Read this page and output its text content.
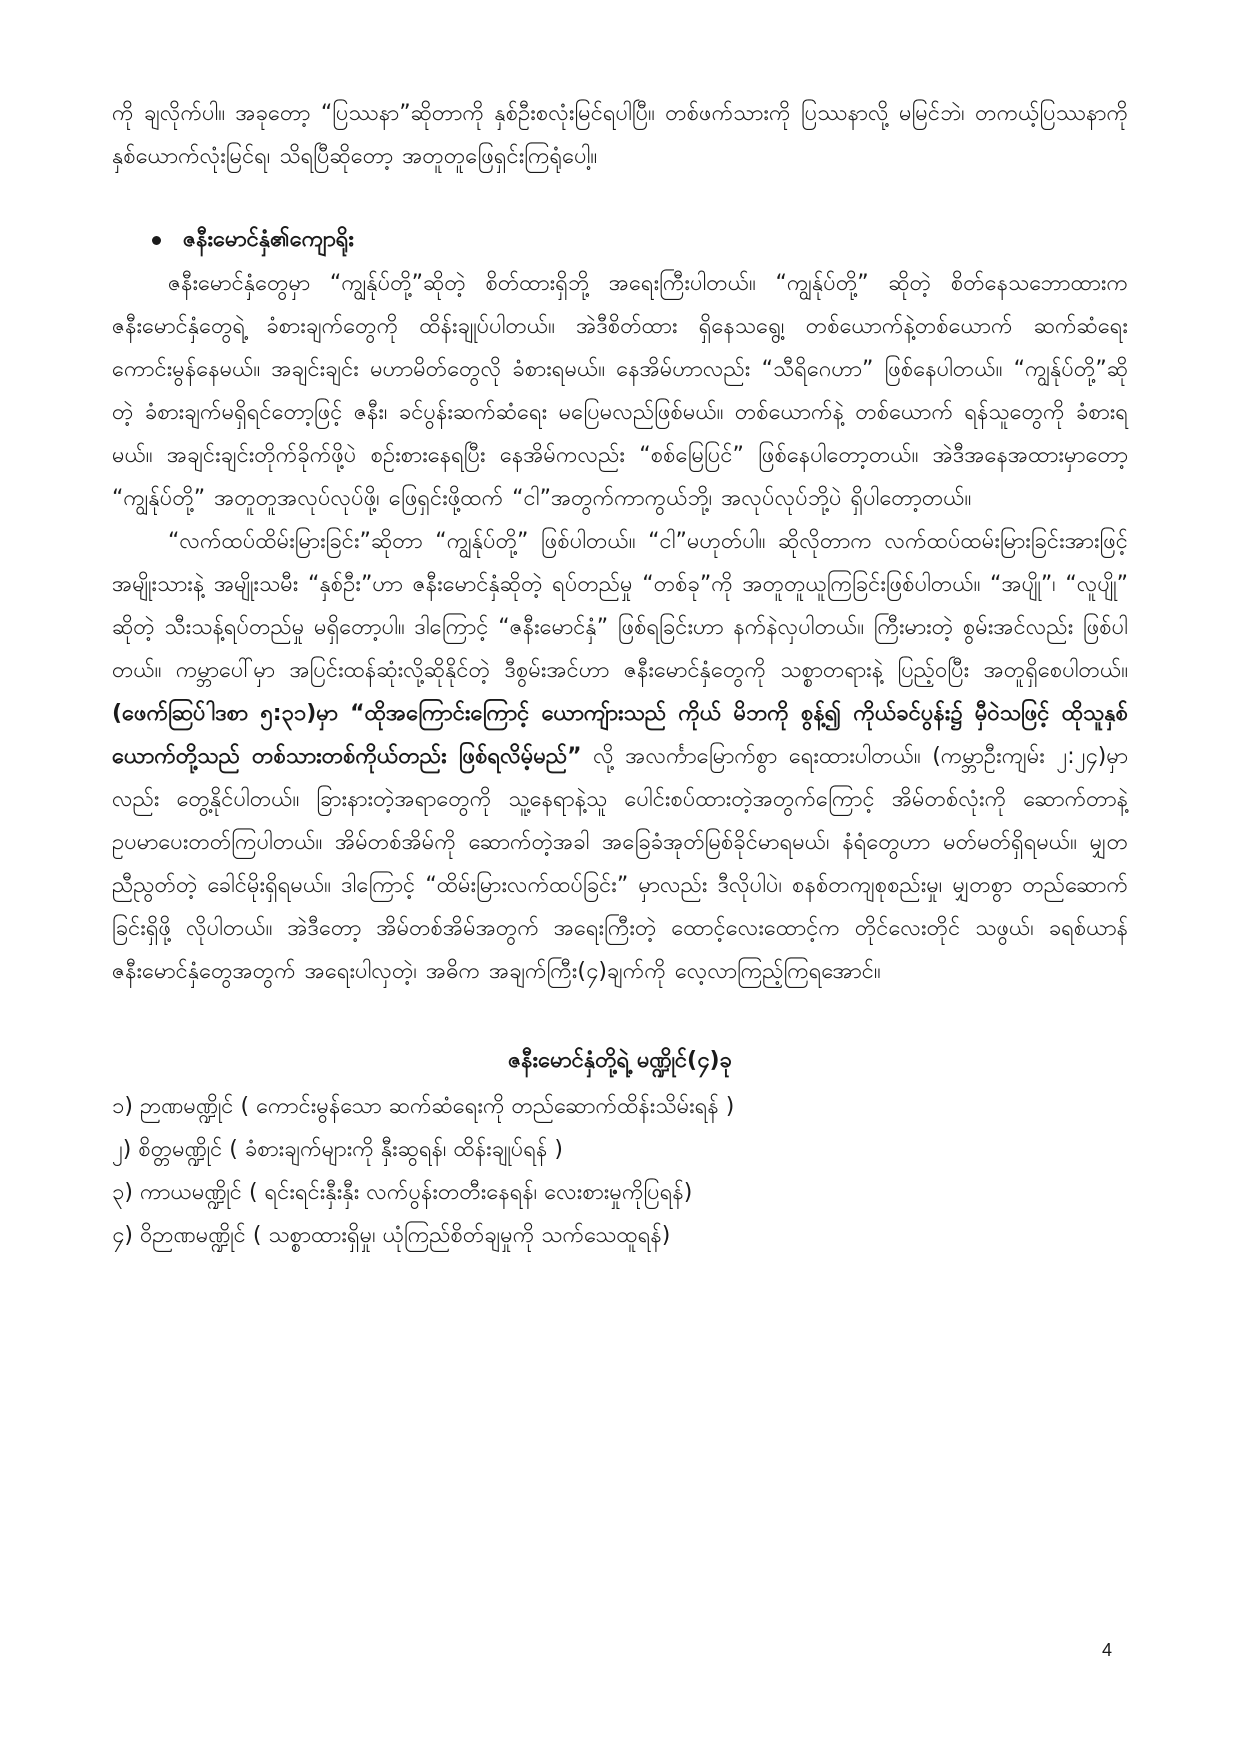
ကို ချလိုက်ပါ။ အခုတော့ “ပြဿနာ”ဆိုတာကို နှစ်ဦးစလုံးမြင်ရပါပြီ။ တစ်ဖက်သားကို ပြဿနာလို့ မမြင်ဘဲ၊ တကယ့်ပြဿနာကို နှစ်ယောက်လုံးမြင်ရ၊ သိရပြီဆိုတော့ အတူတူဖြေရှင်းကြရုံပေါ့။

ဇနီးမောင်နှံ၏ကျောရိုး

ဇနီးမောင်နှံတွေမှာ “ကျွန်ုပ်တို့”ဆိုတဲ့ စိတ်ထားရှိဘို့ အရေးကြီးပါတယ်။ “ကျွန်ုပ်တို့” ဆိုတဲ့ စိတ်နေသဘောထားက ဇနီးမောင်နှံတွေရဲ့ ခံစားချက်တွေကို ထိန်းချုပ်ပါတယ်။ အဲဒီစိတ်ထား ရှိနေသရွေ့၊ တစ်ယောက်နဲ့တစ်ယောက် ဆက်ဆံရေးကောင်းမွန်နေမယ်။ အချင်းချင်း မဟာမိတ်တွေလို ခံစားရမယ်။ နေအိမ်ဟာလည်း “သီရိဂေဟာ” ဖြစ်နေပါတယ်။ “ကျွန်ုပ်တို့”ဆိုတဲ့ ခံစားချက်မရှိရင်တော့ဖြင့် ဇနီး၊ ခင်ပွန်းဆက်ဆံရေး မပြေမလည်ဖြစ်မယ်။ တစ်ယောက်နဲ့ တစ်ယောက် ရန်သူတွေကို ခံစားရမယ်။ အချင်းချင်းတိုက်ခိုက်ဖို့ပဲ စဉ်းစားနေရပြီး နေအိမ်ကလည်း “စစ်မြေပြင်” ဖြစ်နေပါတော့တယ်။ အဲဒီအနေအထားမှာတော့ “ကျွန်ုပ်တို့” အတူတူအလုပ်လုပ်ဖို့၊ ဖြေရှင်းဖို့ထက် “ငါ”အတွက်ကာကွယ်ဘို့၊ အလုပ်လုပ်ဘို့ပဲ ရှိပါတော့တယ်။

“လက်ထပ်ထိမ်းမြားခြင်း”ဆိုတာ “ကျွန်ုပ်တို့” ဖြစ်ပါတယ်။ “ငါ”မဟုတ်ပါ။ ဆိုလိုတာက လက်ထပ်ထမ်းမြားခြင်းအားဖြင့် အမျိုးသားနဲ့ အမျိုးသမီး “နှစ်ဦး”ဟာ ဇနီးမောင်နှံဆိုတဲ့ ရပ်တည်မှု “တစ်ခု”ကို အတူတူယူကြခြင်းဖြစ်ပါတယ်။ “အပျို”၊ “လူပျို” ဆိုတဲ့ သီးသန့်ရပ်တည်မှု မရှိတော့ပါ။ ဒါကြောင့် “ဇနီးမောင်နှံ” ဖြစ်ရခြင်းဟာ နက်နဲလှပါတယ်။ ကြီးမားတဲ့ စွမ်းအင်လည်း ဖြစ်ပါတယ်။ ကမ္ဘာပေါ်မှာ အပြင်းထန်ဆုံးလို့ဆိုနိုင်တဲ့ ဒီစွမ်းအင်ဟာ ဇနီးမောင်နှံတွေကို သစ္စာတရားနဲ့ ပြည့်ဝပြီး အတူရှိစေပါတယ်။ (ဖေက်ဆြပ်ါဒစာ ၅:၃၁)မှာ “ထိုအကြောင်းကြောင့် ယောကျ်ားသည် ကိုယ် မိဘကို စွန့်၍ ကိုယ်ခင်ပွန်း၌ မှီဝဲသဖြင့် ထိုသူနှစ်ယောက်တို့သည် တစ်သားတစ်ကိုယ်တည်း ဖြစ်ရလိမ့်မည်” လို့ အလင်္ကာမြောက်စွာ ရေးထားပါတယ်။ (ကမ္ဘာဦးကျမ်း ၂:၂၄)မှာလည်း တွေ့နိုင်ပါတယ်။ ခြားနားတဲ့အရာတွေကို သူ့နေရာနဲ့သူ ပေါင်းစပ်ထားတဲ့အတွက်ကြောင့် အိမ်တစ်လုံးကို ဆောက်တာနဲ့ ဥပမာပေးတတ်ကြပါတယ်။ အိမ်တစ်အိမ်ကို ဆောက်တဲ့အခါ အခြေခံအုတ်မြစ်ခိုင်မာရမယ်၊ နံရံတွေဟာ မတ်မတ်ရှိရမယ်။ မျှတညီညွတ်တဲ့ ခေါင်မိုးရှိရမယ်။ ဒါကြောင့် “ထိမ်းမြားလက်ထပ်ခြင်း” မှာလည်း ဒီလိုပါပဲ၊ စနစ်တကျစုစည်းမှု၊ မျှတစွာ တည်ဆောက်ခြင်းရှိဖို့ လိုပါတယ်။ အဲဒီတော့ အိမ်တစ်အိမ်အတွက် အရေးကြီးတဲ့ ထောင့်လေးထောင့်က တိုင်လေးတိုင် သဖွယ်၊ ခရစ်ယာန်ဇနီးမောင်နှံတွေအတွက် အရေးပါလှတဲ့၊ အဓိက အချက်ကြီး(၄)ချက်ကို လေ့လာကြည့်ကြရအောင်။

ဇနီးမောင်နှံတို့ရဲ့ မဏ္ဍိုင်(၄)ခု
၁) ဉာဏမဏ္ဍိုင် ( ကောင်းမွန်သော ဆက်ဆံရေးကို တည်ဆောက်ထိန်းသိမ်းရန် )
၂) စိတ္တမဏ္ဍိုင် ( ခံစားချက်များကို နှီးဆွရန်၊ ထိန်းချုပ်ရန် )
၃) ကာယမဏ္ဍိုင် ( ရင်းရင်းနှီးနှီး လက်ပွန်းတတီးနေရန်၊ လေးစားမှုကိုပြရန်)
၄) ဝိဉာဏမဏ္ဍိုင် ( သစ္စာထားရှိမှု၊ ယုံကြည်စိတ်ချမှုကို သက်သေထူရန်)
4
